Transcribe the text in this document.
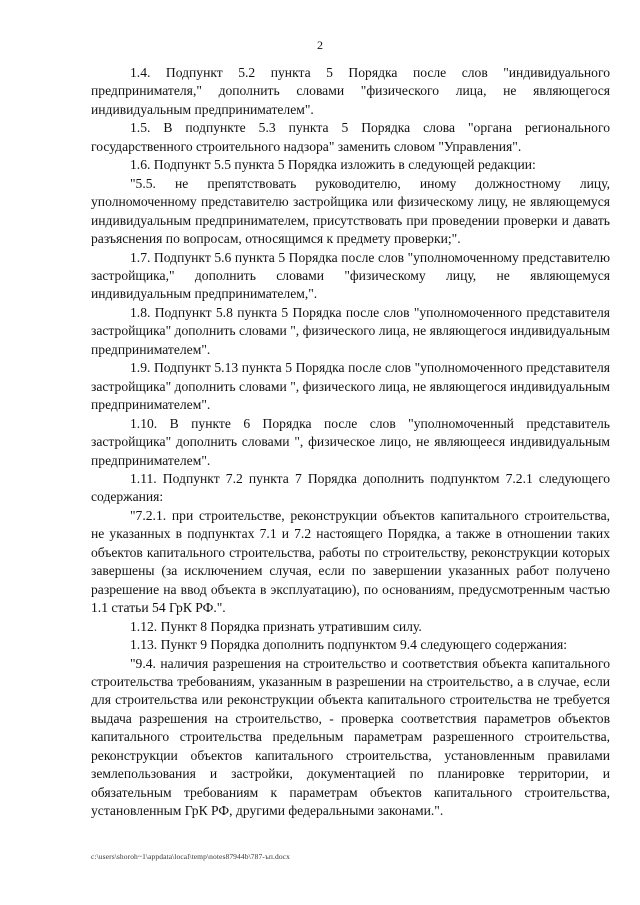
2

1.4. Подпункт 5.2 пункта 5 Порядка после слов "индивидуального предпринимателя," дополнить словами "физического лица, не являющегося индивидуальным предпринимателем".

1.5. В подпункте 5.3 пункта 5 Порядка слова "органа регионального государственного строительного надзора" заменить словом "Управления".

1.6. Подпункт 5.5 пункта 5 Порядка изложить в следующей редакции:

"5.5. не препятствовать руководителю, иному должностному лицу, уполномоченному представителю застройщика или физическому лицу, не являющемуся индивидуальным предпринимателем, присутствовать при проведении проверки и давать разъяснения по вопросам, относящимся к предмету проверки;".

1.7. Подпункт 5.6 пункта 5 Порядка после слов "уполномоченному представителю застройщика," дополнить словами "физическому лицу, не являющемуся индивидуальным предпринимателем,".

1.8. Подпункт 5.8 пункта 5 Порядка после слов "уполномоченного представителя застройщика" дополнить словами ", физического лица, не являющегося индивидуальным предпринимателем".

1.9. Подпункт 5.13 пункта 5 Порядка после слов "уполномоченного представителя застройщика" дополнить словами ", физического лица, не являющегося индивидуальным предпринимателем".

1.10. В пункте 6 Порядка после слов "уполномоченный представитель застройщика" дополнить словами ", физическое лицо, не являющееся индивидуальным предпринимателем".

1.11. Подпункт 7.2 пункта 7 Порядка дополнить подпунктом 7.2.1 следующего содержания:

"7.2.1. при строительстве, реконструкции объектов капитального строительства, не указанных в подпунктах 7.1 и 7.2 настоящего Порядка, а также в отношении таких объектов капитального строительства, работы по строительству, реконструкции которых завершены (за исключением случая, если по завершении указанных работ получено разрешение на ввод объекта в эксплуатацию), по основаниям, предусмотренным частью 1.1 статьи 54 ГрК РФ.".

1.12. Пункт 8 Порядка признать утратившим силу.

1.13. Пункт 9 Порядка дополнить подпунктом 9.4 следующего содержания:

"9.4. наличия разрешения на строительство и соответствия объекта капитального строительства требованиям, указанным в разрешении на строительство, а в случае, если для строительства или реконструкции объекта капитального строительства не требуется выдача разрешения на строительство, - проверка соответствия параметров объектов капитального строительства предельным параметрам разрешенного строительства, реконструкции объектов капитального строительства, установленным правилами землепользования и застройки, документацией по планировке территории, и обязательным требованиям к параметрам объектов капитального строительства, установленным ГрК РФ, другими федеральными законами.".

c:\users\shoroh~1\appdata\local\temp\notes87944b\787-ъп.docx
